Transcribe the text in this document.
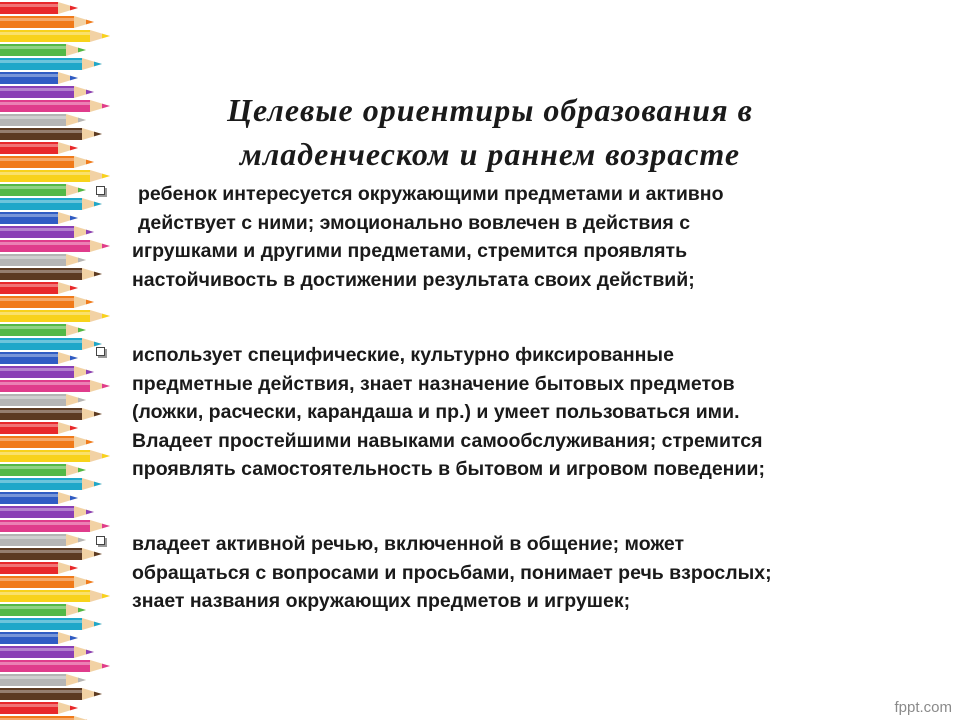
Целевые ориентиры образования в
младенческом и раннем возрасте
ребенок интересуется окружающими предметами и активно
действует с ними; эмоционально вовлечен в действия с
игрушками и другими предметами, стремится проявлять
настойчивость в достижении результата своих действий;
использует специфические, культурно фиксированные
предметные действия, знает назначение бытовых предметов
(ложки, расчески, карандаша и пр.) и умеет пользоваться ими.
Владеет простейшими навыками самообслуживания; стремится
проявлять самостоятельность в бытовом и игровом поведении;
владеет активной речью, включенной в общение; может
обращаться с вопросами и просьбами, понимает речь взрослых;
знает названия окружающих предметов и игрушек;
fppt.com
